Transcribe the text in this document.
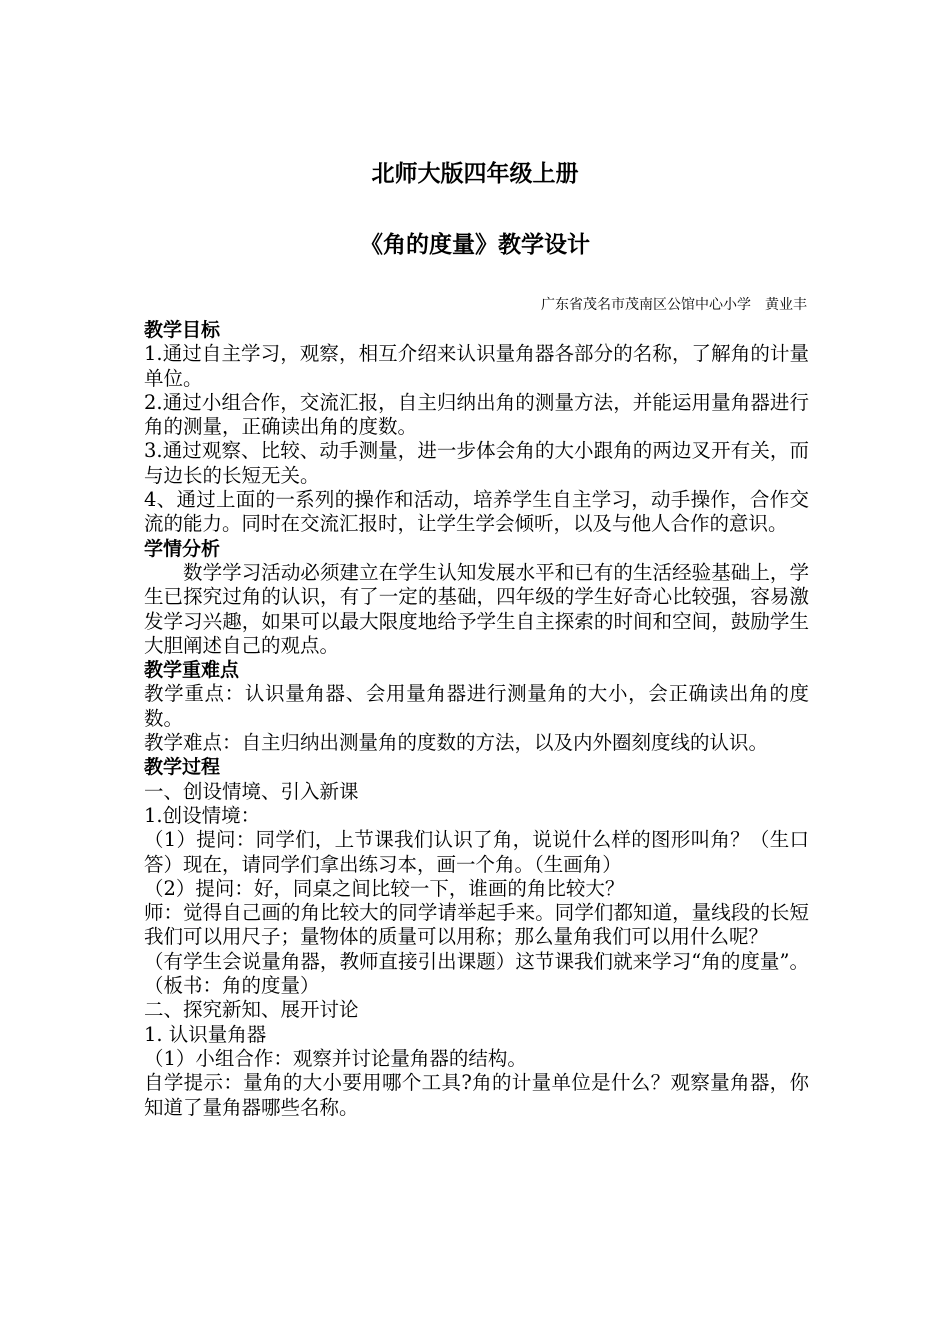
北师大版四年级上册
《角的度量》教学设计
广东省茂名市茂南区公馆中心小学　黄业丰

教学目标

1.通过自主学习，观察，相互介绍来认识量角器各部分的名称，了解角的计量单位。

2.通过小组合作，交流汇报，自主归纳出角的测量方法，并能运用量角器进行角的测量，正确读出角的度数。

3.通过观察、比较、动手测量，进一步体会角的大小跟角的两边叉开有关，而与边长的长短无关。

4、通过上面的一系列的操作和活动，培养学生自主学习，动手操作，合作交流的能力。同时在交流汇报时，让学生学会倾听，以及与他人合作的意识。

学情分析

数学学习活动必须建立在学生认知发展水平和已有的生活经验基础上，学生已探究过角的认识，有了一定的基础，四年级的学生好奇心比较强，容易激发学习兴趣，如果可以最大限度地给予学生自主探索的时间和空间，鼓励学生大胆阐述自己的观点。

教学重难点

教学重点：认识量角器、会用量角器进行测量角的大小，会正确读出角的度数。

教学难点：自主归纳出测量角的度数的方法，以及内外圈刻度线的认识。

教学过程

一、创设情境、引入新课

1.创设情境：

（1）提问：同学们，上节课我们认识了角，说说什么样的图形叫角？（生口答）现在，请同学们拿出练习本，画一个角。（生画角）

（2）提问：好，同桌之间比较一下，谁画的角比较大？

师：觉得自己画的角比较大的同学请举起手来。同学们都知道，量线段的长短我们可以用尺子；量物体的质量可以用称；那么量角我们可以用什么呢？

（有学生会说量角器，教师直接引出课题）这节课我们就来学习“角的度量”。（板书：角的度量）

二、探究新知、展开讨论

1. 认识量角器

（1）小组合作：观察并讨论量角器的结构。

自学提示：量角的大小要用哪个工具?角的计量单位是什么？观察量角器，你知道了量角器哪些名称。
